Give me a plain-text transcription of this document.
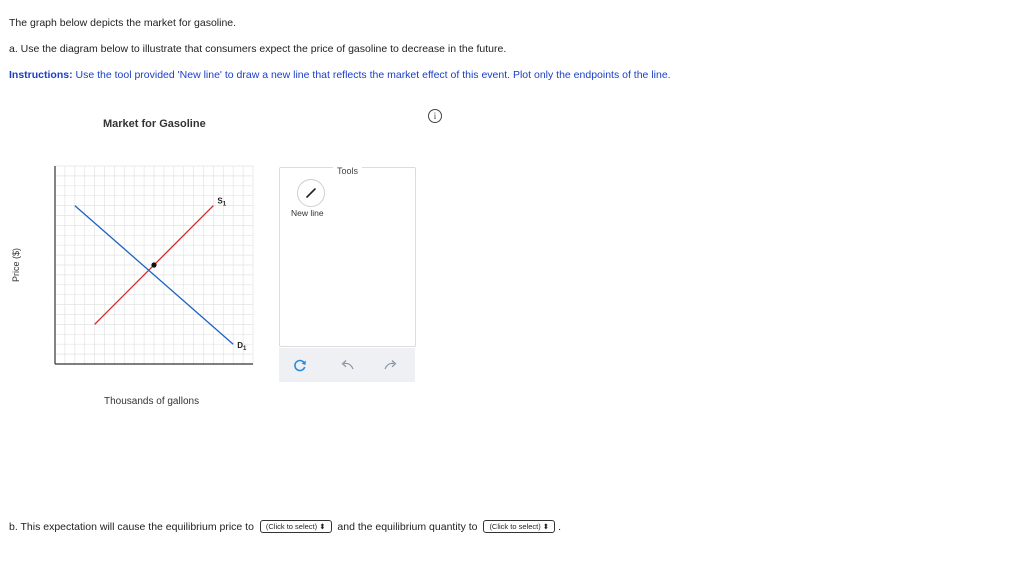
The graph below depicts the market for gasoline.
a. Use the diagram below to illustrate that consumers expect the price of gasoline to decrease in the future.
Instructions: Use the tool provided 'New line' to draw a new line that reflects the market effect of this event. Plot only the endpoints of the line.
i
Market for Gasoline
Price ($)
Thousands of gallons
$S_1$
$D_1$
Tools
New line
b. This expectation will cause the equilibrium price to (Click to select) ⬍ and the equilibrium quantity to (Click to select) ⬍ .
